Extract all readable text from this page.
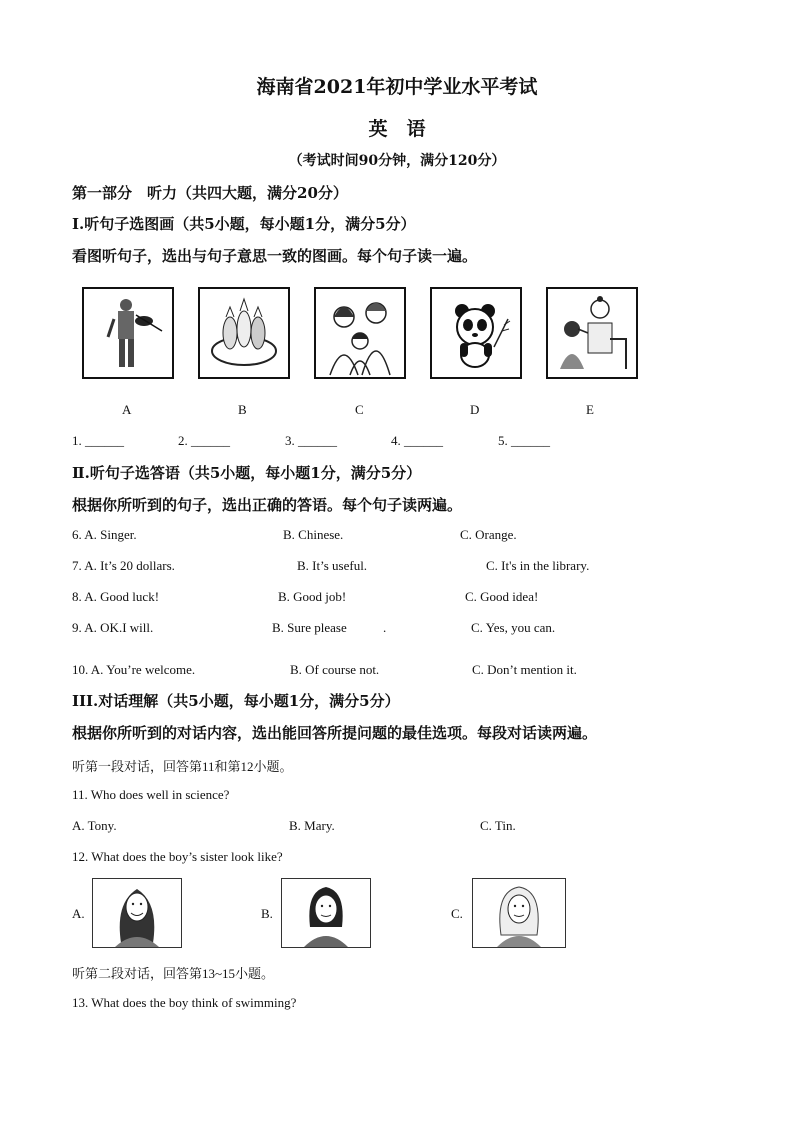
海南省2021年初中学业水平考试
英　语
（考试时间90分钟，满分120分）
第一部分　听力（共四大题，满分20分）
Ⅰ.听句子选图画（共5小题，每小题1分，满分5分）
看图听句子，选出与句子意思一致的图画。每个句子读一遍。
A	B	C	D	E
1. ______	2. ______	3. ______	4. ______	5. ______
Ⅱ.听句子选答语（共5小题，每小题1分，满分5分）
根据你所听到的句子，选出正确的答语。每个句子读两遍。
6. A. Singer.	B. Chinese.	C. Orange.
7. A. It’s 20 dollars.	B. It’s useful.	C. It's in the library.
8. A. Good luck!	B. Good job!	C. Good idea!
9. A. OK.I will.	B. Sure please	.	C. Yes, you can.
10. A. You’re welcome.	B. Of course not.	C. Don’t mention it.
III.对话理解（共5小题，每小题1分，满分5分）
根据你所听到的对话内容，选出能回答所提问题的最佳选项。每段对话读两遍。
听第一段对话，回答第11和第12小题。
11. Who does well in science?
A. Tony.	B. Mary.	C. Tin.
12. What does the boy’s sister look like?
A.	B.	C.
听第二段对话，回答第13~15小题。
13. What does the boy think of swimming?
